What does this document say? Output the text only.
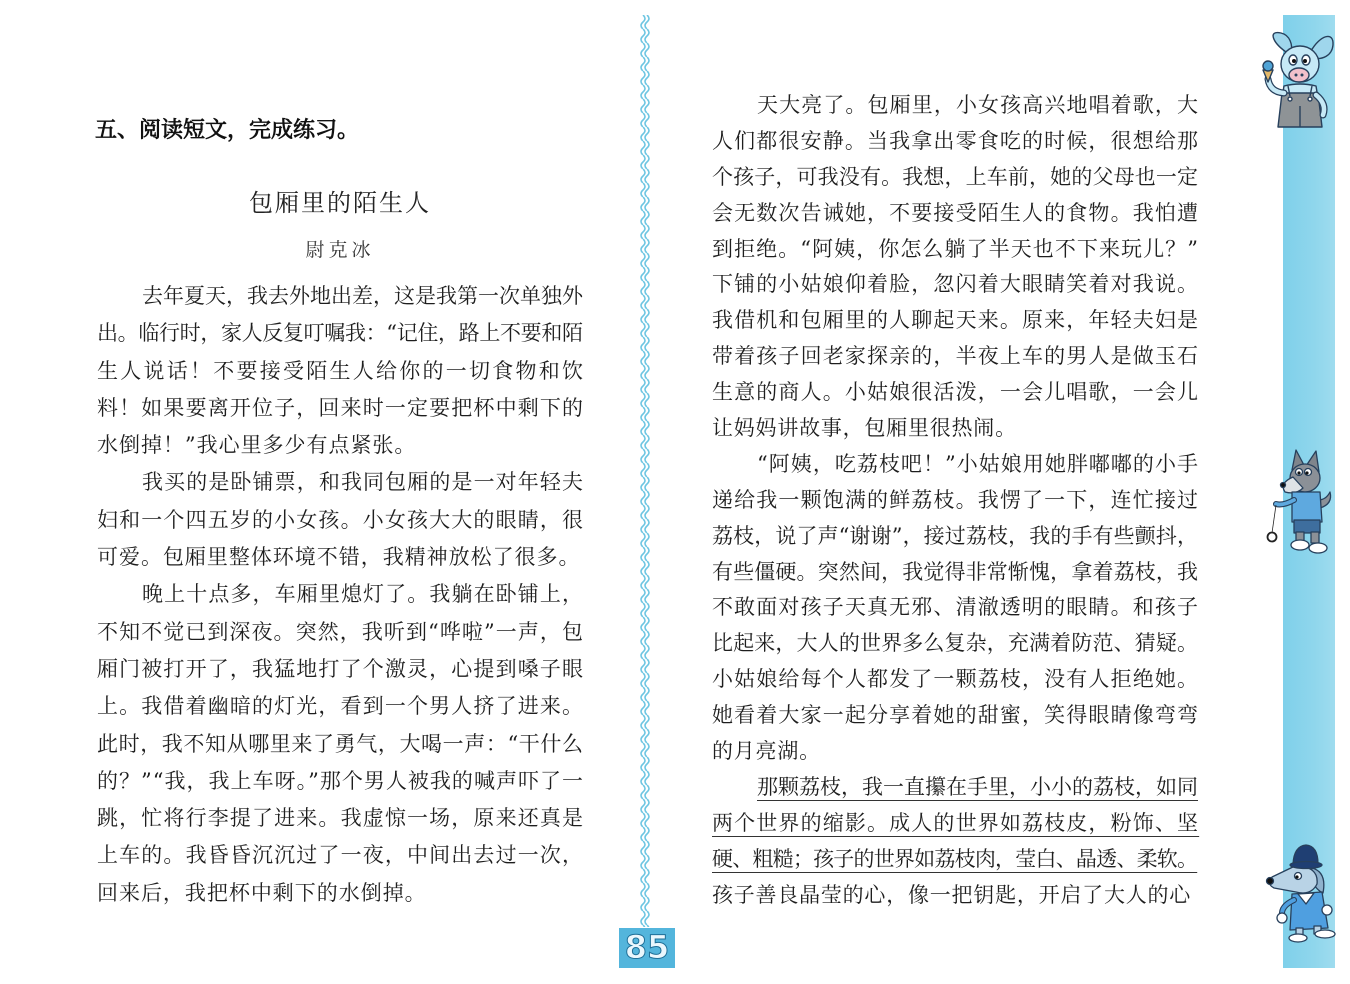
五、阅读短文，完成练习。
包厢里的陌生人
尉克冰
去年夏天，我去外地出差，这是我第一次单独外
出。临行时，家人反复叮嘱我：“记住，路上不要和陌
生人说话！不要接受陌生人给你的一切食物和饮
料！如果要离开位子，回来时一定要把杯中剩下的
水倒掉！”我心里多少有点紧张。
我买的是卧铺票，和我同包厢的是一对年轻夫
妇和一个四五岁的小女孩。小女孩大大的眼睛，很
可爱。包厢里整体环境不错，我精神放松了很多。
晚上十点多，车厢里熄灯了。我躺在卧铺上，
不知不觉已到深夜。突然，我听到“哗啦”一声，包
厢门被打开了，我猛地打了个激灵，心提到嗓子眼
上。我借着幽暗的灯光，看到一个男人挤了进来。
此时，我不知从哪里来了勇气，大喝一声：“干什么
的？”“我，我上车呀。”那个男人被我的喊声吓了一
跳，忙将行李提了进来。我虚惊一场，原来还真是
上车的。我昏昏沉沉过了一夜，中间出去过一次，
回来后，我把杯中剩下的水倒掉。
85
天大亮了。包厢里，小女孩高兴地唱着歌，大
人们都很安静。当我拿出零食吃的时候，很想给那
个孩子，可我没有。我想，上车前，她的父母也一定
会无数次告诫她，不要接受陌生人的食物。我怕遭
到拒绝。“阿姨，你怎么躺了半天也不下来玩儿？”
下铺的小姑娘仰着脸，忽闪着大眼睛笑着对我说。
我借机和包厢里的人聊起天来。原来，年轻夫妇是
带着孩子回老家探亲的，半夜上车的男人是做玉石
生意的商人。小姑娘很活泼，一会儿唱歌，一会儿
让妈妈讲故事，包厢里很热闹。
“阿姨，吃荔枝吧！”小姑娘用她胖嘟嘟的小手
递给我一颗饱满的鲜荔枝。我愣了一下，连忙接过
荔枝，说了声“谢谢”，接过荔枝，我的手有些颤抖，
有些僵硬。突然间，我觉得非常惭愧，拿着荔枝，我
不敢面对孩子天真无邪、清澈透明的眼睛。和孩子
比起来，大人的世界多么复杂，充满着防范、猜疑。
小姑娘给每个人都发了一颗荔枝，没有人拒绝她。
她看着大家一起分享着她的甜蜜，笑得眼睛像弯弯
的月亮湖。
那颗荔枝，我一直攥在手里，小小的荔枝，如同
两个世界的缩影。成人的世界如荔枝皮，粉饰、坚
硬、粗糙；孩子的世界如荔枝肉，莹白、晶透、柔软。
孩子善良晶莹的心，像一把钥匙，开启了大人的心
